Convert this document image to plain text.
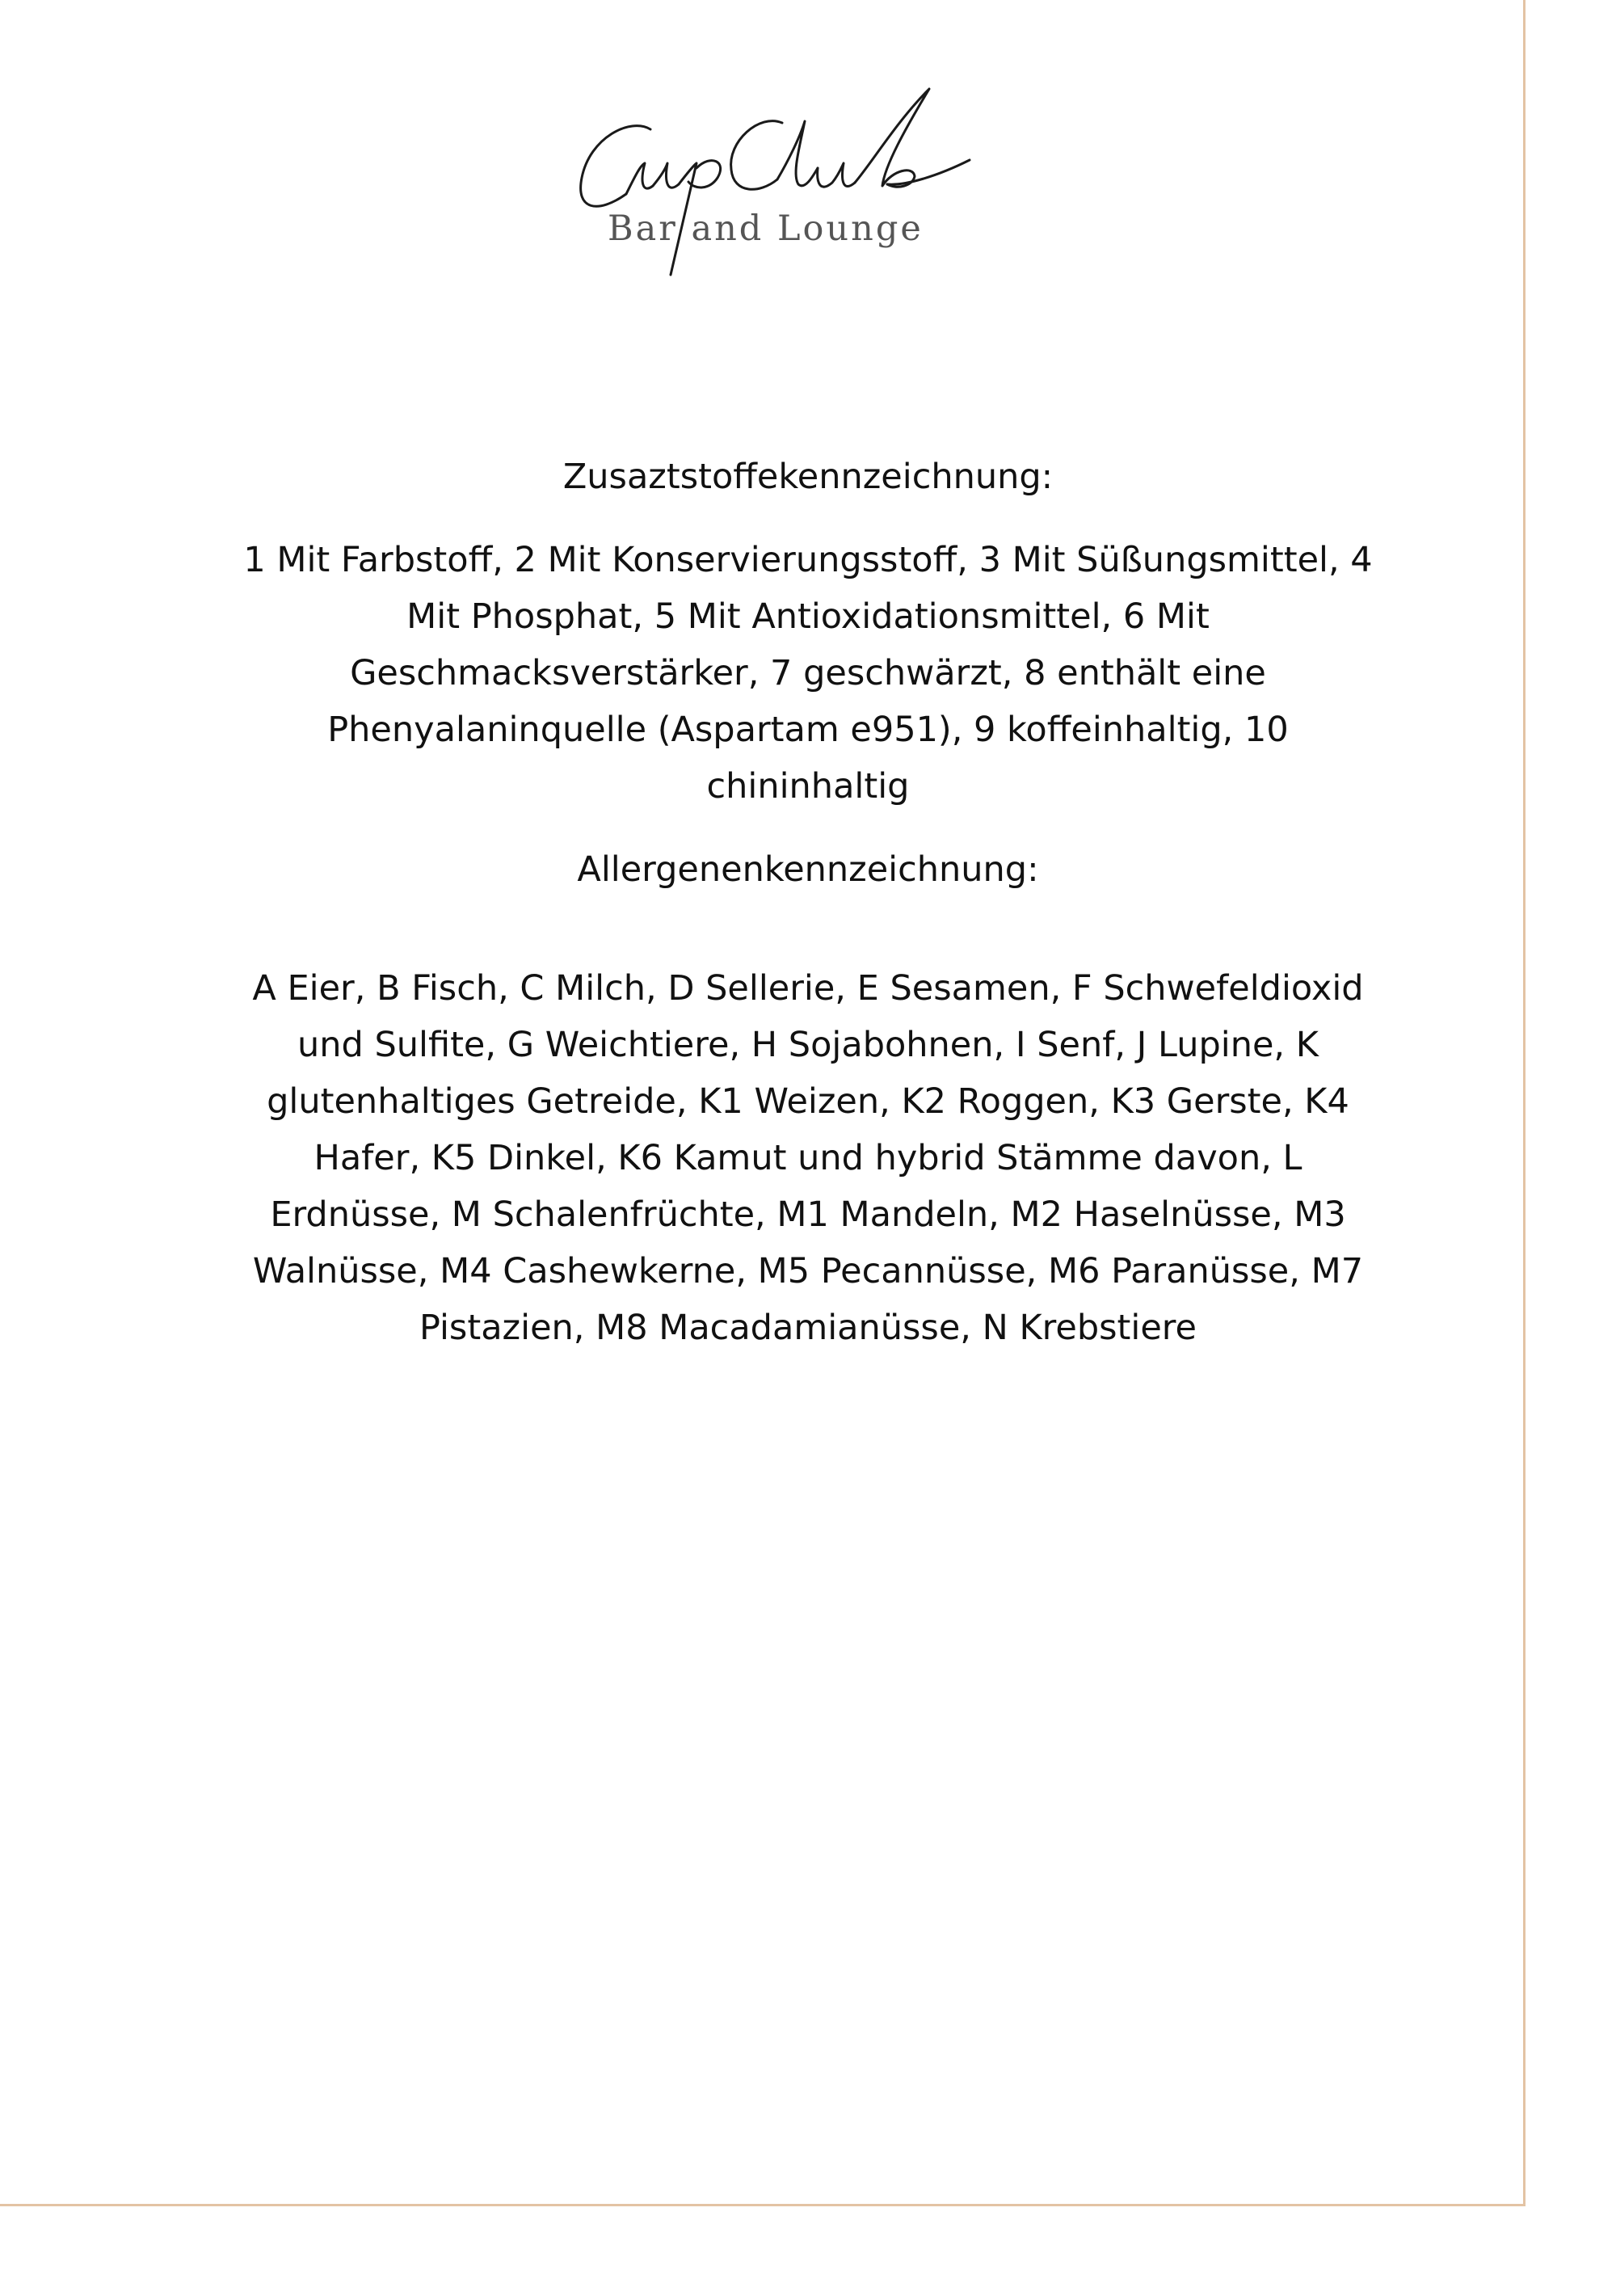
Bar and Lounge
Zusaztstoffekennzeichnung:

1 Mit Farbstoff, 2 Mit Konservierungsstoff, 3 Mit Süßungsmittel, 4 Mit Phosphat, 5 Mit Antioxidationsmittel, 6 Mit Geschmacksverstärker, 7 geschwärzt, 8 enthält eine Phenyalaninquelle (Aspartam e951), 9 koffeinhaltig, 10 chininhaltig

Allergenenkennzeichnung:

A Eier, B Fisch, C Milch, D Sellerie, E Sesamen, F Schwefeldioxid und Sulfite, G Weichtiere, H Sojabohnen, I Senf, J Lupine, K glutenhaltiges Getreide, K1 Weizen, K2 Roggen, K3 Gerste, K4 Hafer, K5 Dinkel, K6 Kamut und hybrid Stämme davon, L Erdnüsse, M Schalenfrüchte, M1 Mandeln, M2 Haselnüsse, M3 Walnüsse, M4 Cashewkerne, M5 Pecannüsse, M6 Paranüsse, M7 Pistazien, M8 Macadamianüsse, N Krebstiere
